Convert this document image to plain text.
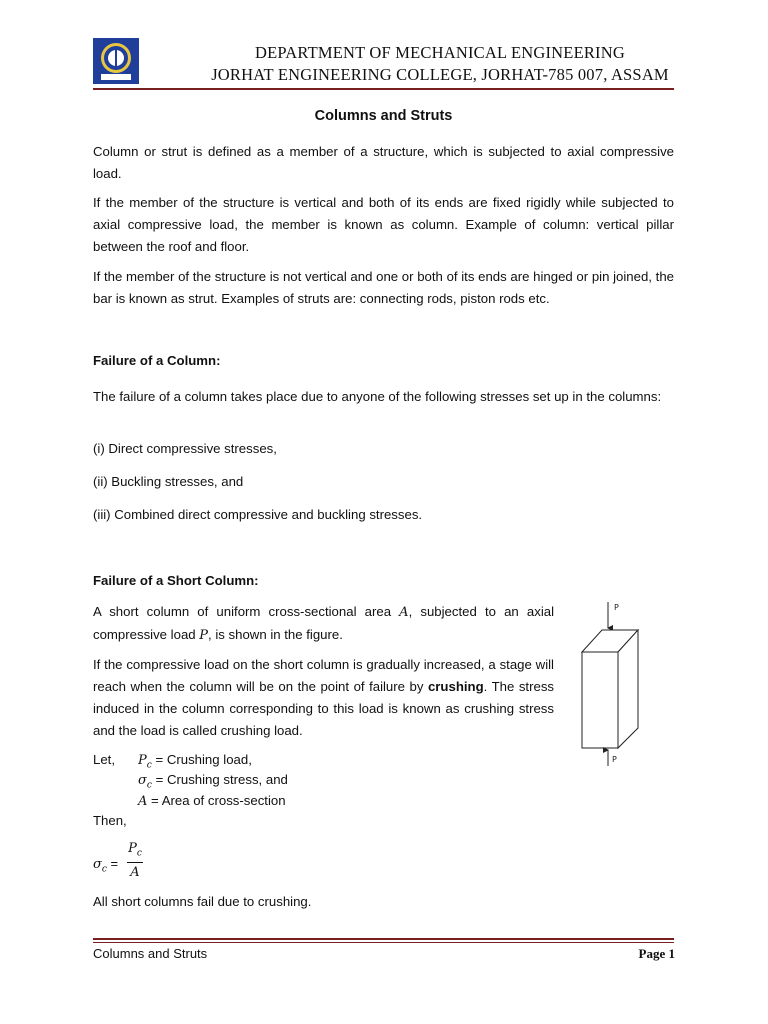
DEPARTMENT OF MECHANICAL ENGINEERING
JORHAT ENGINEERING COLLEGE, JORHAT-785 007, ASSAM
Columns and Struts

Column or strut is defined as a member of a structure, which is subjected to axial compressive load.

If the member of the structure is vertical and both of its ends are fixed rigidly while subjected to axial compressive load, the member is known as column. Example of column: vertical pillar between the roof and floor.

If the member of the structure is not vertical and one or both of its ends are hinged or pin joined, the bar is known as strut. Examples of struts are: connecting rods, piston rods etc.

Failure of a Column:

The failure of a column takes place due to anyone of the following stresses set up in the columns:

(i) Direct compressive stresses,
(ii) Buckling stresses, and
(iii) Combined direct compressive and buckling stresses.
Failure of a Short Column:

A short column of uniform cross-sectional area A, subjected to an axial compressive load P, is shown in the figure.

If the compressive load on the short column is gradually increased, a stage will reach when the column will be on the point of failure by crushing. The stress induced in the column corresponding to this load is known as crushing stress and the load is called crushing load.

P
P
Let, $P_c$ = Crushing load,
$\sigma_c$ = Crushing stress, and
A = Area of cross-section
Then,
$\sigma_c$ =
$P_c$
A
All short columns fail due to crushing.
Columns and Struts	Page 1
